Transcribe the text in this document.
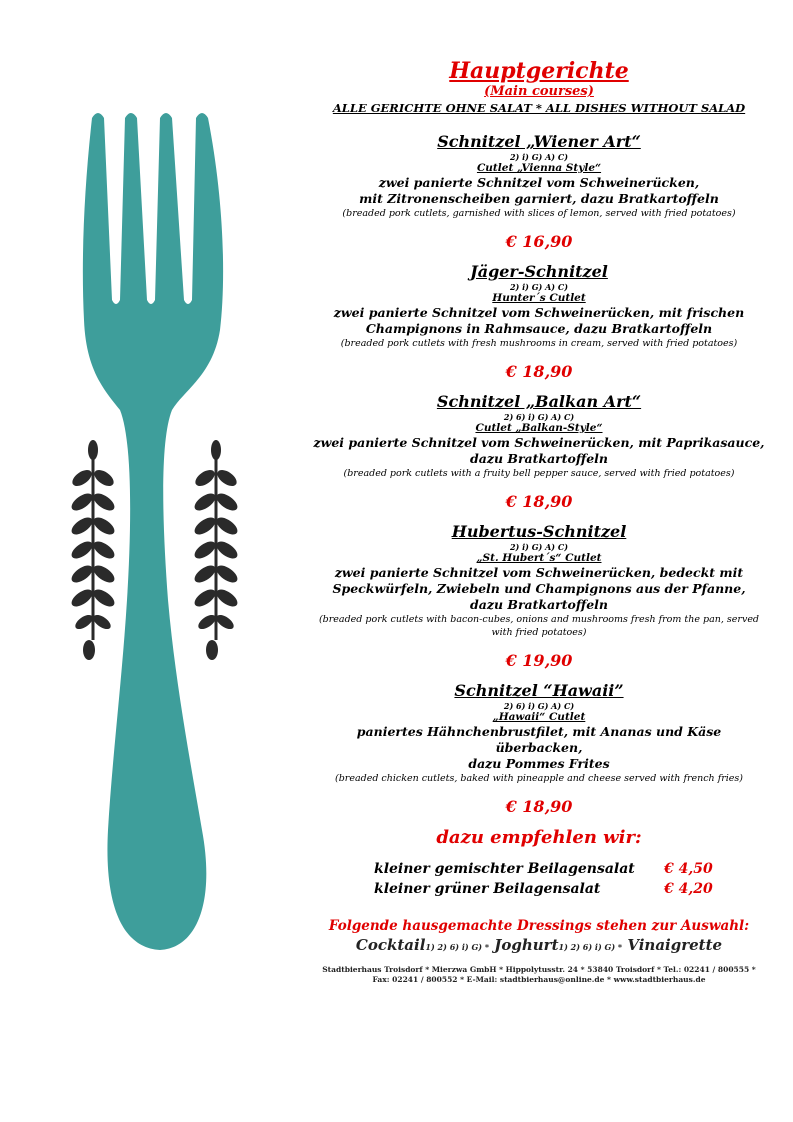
Hauptgerichte
(Main courses)
ALLE GERICHTE OHNE SALAT * ALL DISHES WITHOUT SALAD
Schnitzel „Wiener Art“
2) i) G) A) C)
Cutlet „Vienna Style“
zwei panierte Schnitzel vom Schweinerücken,
mit Zitronenscheiben garniert, dazu Bratkartoffeln
(breaded pork cutlets, garnished with slices of lemon, served with fried potatoes)
€ 16,90
Jäger-Schnitzel
2) i) G) A) C)
Hunter´s Cutlet
zwei panierte Schnitzel vom Schweinerücken, mit frischen
Champignons in Rahmsauce, dazu Bratkartoffeln
(breaded pork cutlets with fresh mushrooms in cream, served with fried potatoes)
€ 18,90
Schnitzel „Balkan Art“
2) 6) i) G) A) C)
Cutlet „Balkan-Style“
zwei panierte Schnitzel vom Schweinerücken, mit Paprikasauce,
dazu Bratkartoffeln
(breaded pork cutlets with a fruity bell pepper sauce, served with fried potatoes)
€ 18,90
Hubertus-Schnitzel
2) i) G) A) C)
„St. Hubert´s“ Cutlet
zwei panierte Schnitzel vom Schweinerücken, bedeckt mit
Speckwürfeln, Zwiebeln und Champignons aus der Pfanne,
dazu Bratkartoffeln
(breaded pork cutlets with bacon-cubes, onions and mushrooms fresh from the pan, served
with fried potatoes)
€ 19,90
Schnitzel “Hawaii”
2) 6) i) G) A) C)
„Hawaii“ Cutlet
paniertes Hähnchenbrustfilet, mit Ananas und Käse überbacken,
dazu Pommes Frites
(breaded chicken cutlets, baked with pineapple and cheese served with french fries)
€ 18,90
dazu empfehlen wir:
kleiner gemischter Beilagensalat	€ 4,50
kleiner grüner Beilagensalat	€ 4,20
Folgende hausgemachte Dressings stehen zur Auswahl:
Cocktail1) 2) 6) i) G) * Joghurt1) 2) 6) i) G) * Vinaigrette
Stadtbierhaus Troisdorf * Mierzwa GmbH * Hippolytusstr. 24 * 53840 Troisdorf * Tel.: 02241 / 800555 *
Fax: 02241 / 800552 * E-Mail: stadtbierhaus@online.de * www.stadtbierhaus.de
